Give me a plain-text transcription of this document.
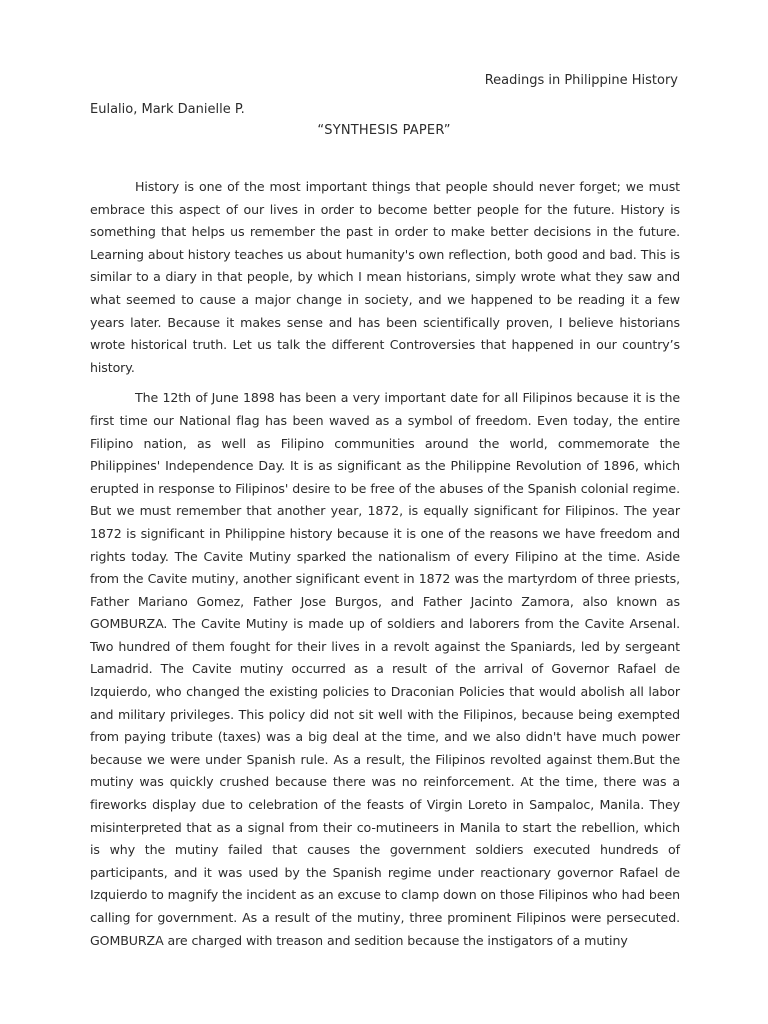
Readings in Philippine History
Eulalio, Mark Danielle P.
“SYNTHESIS PAPER”

History is one of the most important things that people should never forget; we must embrace this aspect of our lives in order to become better people for the future. History is something that helps us remember the past in order to make better decisions in the future. Learning about history teaches us about humanity's own reflection, both good and bad. This is similar to a diary in that people, by which I mean historians, simply wrote what they saw and what seemed to cause a major change in society, and we happened to be reading it a few years later. Because it makes sense and has been scientifically proven, I believe historians wrote historical truth. Let us talk the different Controversies that happened in our country’s history.

The 12th of June 1898 has been a very important date for all Filipinos because it is the first time our National flag has been waved as a symbol of freedom. Even today, the entire Filipino nation, as well as Filipino communities around the world, commemorate the Philippines' Independence Day. It is as significant as the Philippine Revolution of 1896, which erupted in response to Filipinos' desire to be free of the abuses of the Spanish colonial regime. But we must remember that another year, 1872, is equally significant for Filipinos. The year 1872 is significant in Philippine history because it is one of the reasons we have freedom and rights today. The Cavite Mutiny sparked the nationalism of every Filipino at the time. Aside from the Cavite mutiny, another significant event in 1872 was the martyrdom of three priests, Father Mariano Gomez, Father Jose Burgos, and Father Jacinto Zamora, also known as GOMBURZA. The Cavite Mutiny is made up of soldiers and laborers from the Cavite Arsenal. Two hundred of them fought for their lives in a revolt against the Spaniards, led by sergeant Lamadrid. The Cavite mutiny occurred as a result of the arrival of Governor Rafael de Izquierdo, who changed the existing policies to Draconian Policies that would abolish all labor and military privileges. This policy did not sit well with the Filipinos, because being exempted from paying tribute (taxes) was a big deal at the time, and we also didn't have much power because we were under Spanish rule. As a result, the Filipinos revolted against them.But the mutiny was quickly crushed because there was no reinforcement. At the time, there was a fireworks display due to celebration of the feasts of Virgin Loreto in Sampaloc, Manila. They misinterpreted that as a signal from their co-mutineers in Manila to start the rebellion, which is why the mutiny failed that causes the government soldiers executed hundreds of participants, and it was used by the Spanish regime under reactionary governor Rafael de Izquierdo to magnify the incident as an excuse to clamp down on those Filipinos who had been calling for government. As a result of the mutiny, three prominent Filipinos were persecuted. GOMBURZA are charged with treason and sedition because the instigators of a mutiny
